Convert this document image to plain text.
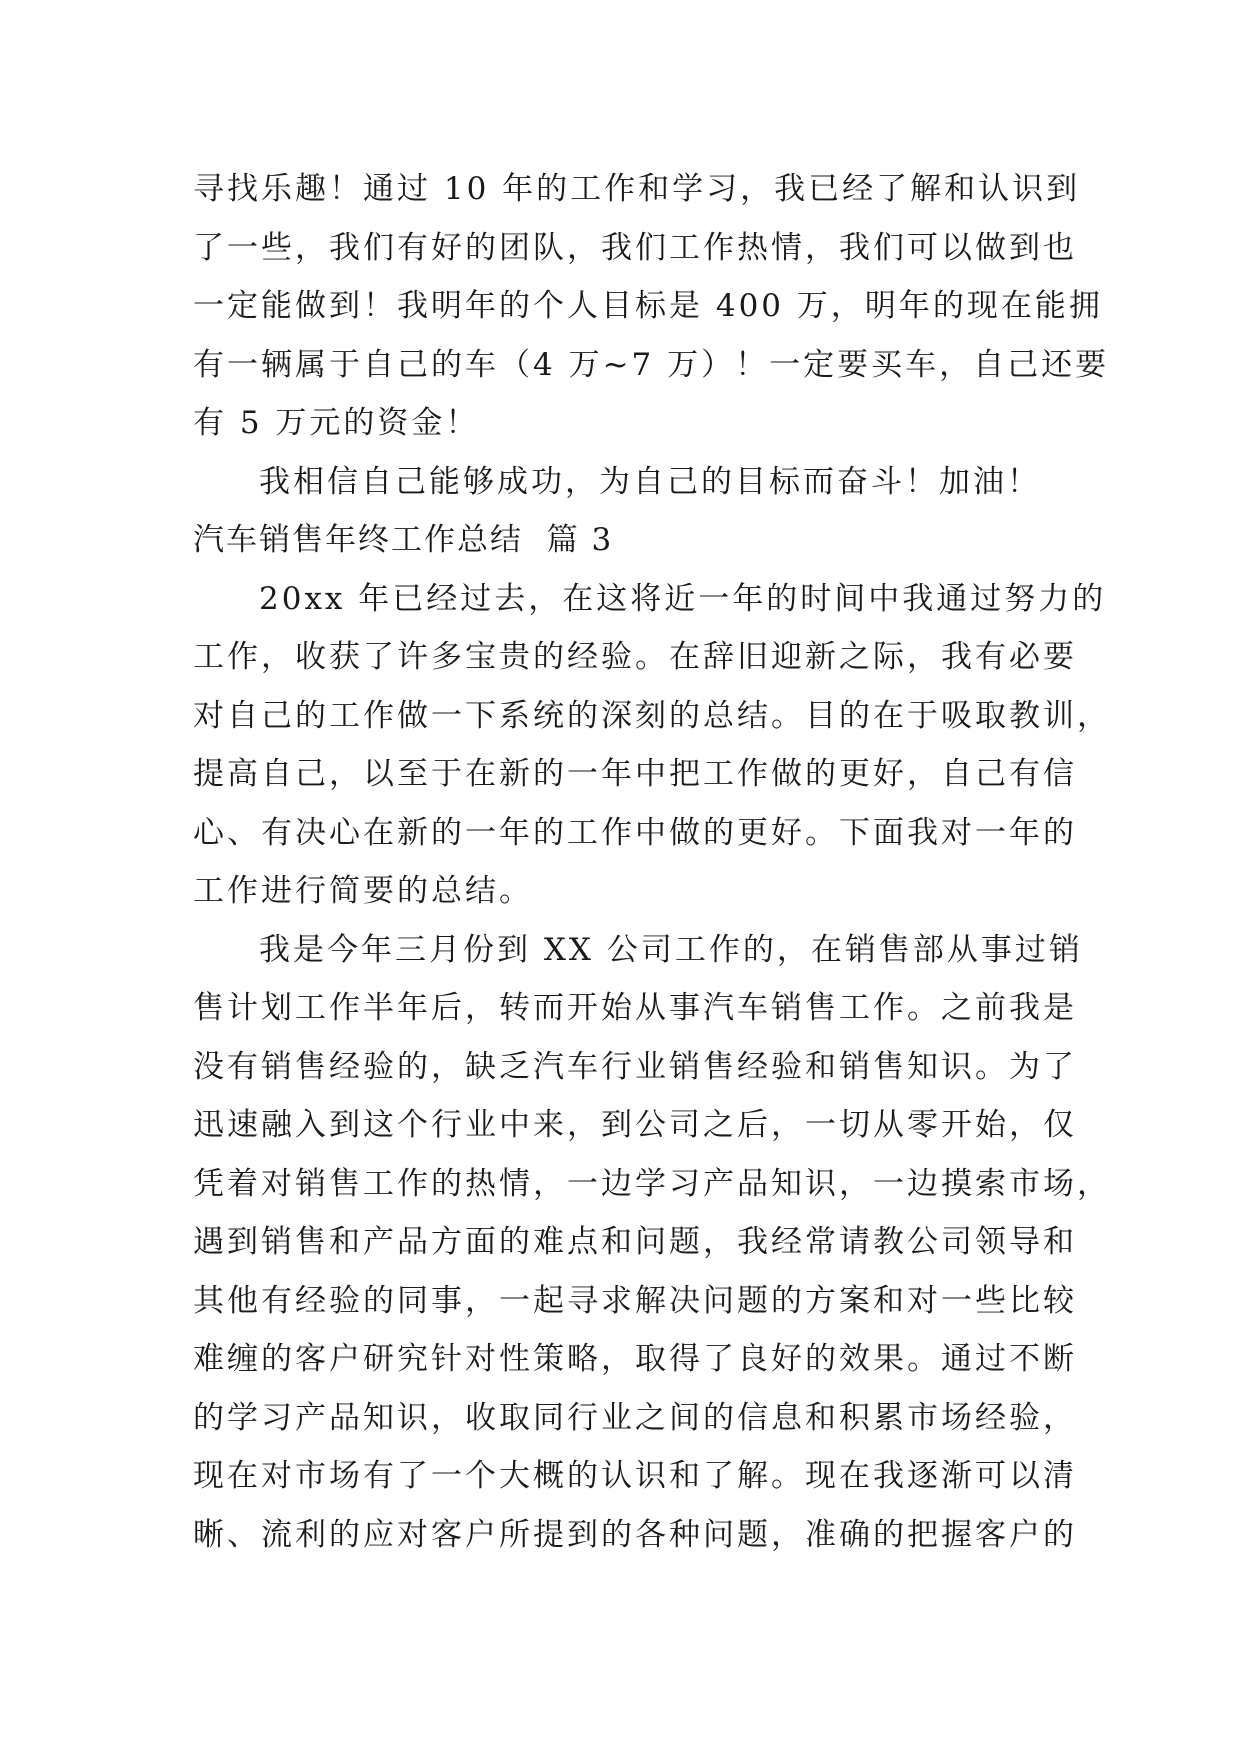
寻找乐趣！通过 10 年的工作和学习，我已经了解和认识到
了一些，我们有好的团队，我们工作热情，我们可以做到也
一定能做到！我明年的个人目标是 400 万，明年的现在能拥
有一辆属于自己的车（4 万~7 万）！一定要买车，自己还要
有 5 万元的资金！
我相信自己能够成功，为自己的目标而奋斗！加油！
汽车销售年终工作总结  篇 3
20xx 年已经过去，在这将近一年的时间中我通过努力的
工作，收获了许多宝贵的经验。在辞旧迎新之际，我有必要
对自己的工作做一下系统的深刻的总结。目的在于吸取教训，
提高自己，以至于在新的一年中把工作做的更好，自己有信
心、有决心在新的一年的工作中做的更好。下面我对一年的
工作进行简要的总结。
我是今年三月份到 XX 公司工作的，在销售部从事过销
售计划工作半年后，转而开始从事汽车销售工作。之前我是
没有销售经验的，缺乏汽车行业销售经验和销售知识。为了
迅速融入到这个行业中来，到公司之后，一切从零开始，仅
凭着对销售工作的热情，一边学习产品知识，一边摸索市场，
遇到销售和产品方面的难点和问题，我经常请教公司领导和
其他有经验的同事，一起寻求解决问题的方案和对一些比较
难缠的客户研究针对性策略，取得了良好的效果。通过不断
的学习产品知识，收取同行业之间的信息和积累市场经验，
现在对市场有了一个大概的认识和了解。现在我逐渐可以清
晰、流利的应对客户所提到的各种问题，准确的把握客户的
